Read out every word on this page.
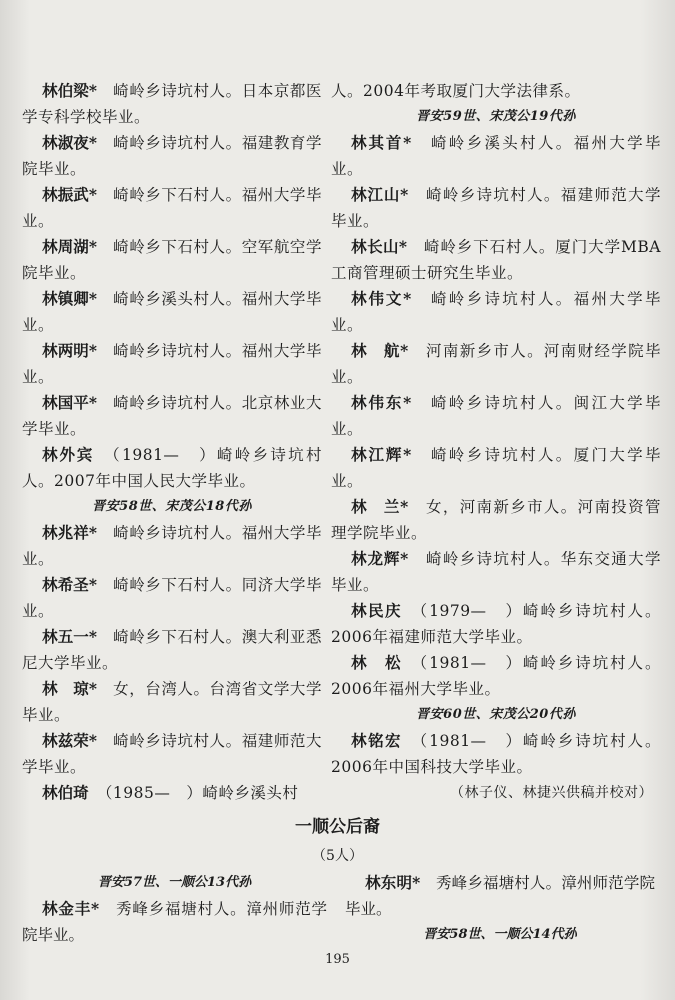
林伯梁*　 崎岭乡诗坑村人。日本京都医学专科学校毕业。
林淑夜*　 崎岭乡诗坑村人。福建教育学院毕业。
林振武*　 崎岭乡下石村人。福州大学毕业。
林周湖*　 崎岭乡下石村人。空军航空学院毕业。
林镇卿*　 崎岭乡溪头村人。福州大学毕业。
林两明*　 崎岭乡诗坑村人。福州大学毕业。
林国平*　 崎岭乡诗坑村人。北京林业大学毕业。
林外宾　 （1981—　）崎岭乡诗坑村人。2007年中国人民大学毕业。
晋安58世、宋茂公18代孙
林兆祥*　 崎岭乡诗坑村人。福州大学毕业。
林希圣*　 崎岭乡下石村人。同济大学毕业。
林五一*　 崎岭乡下石村人。澳大利亚悉尼大学毕业。
林　琼*　 女，台湾人。台湾省文学大学毕业。
林兹荣*　 崎岭乡诗坑村人。福建师范大学毕业。
林伯琦　 （1985—　）崎岭乡溪头村
人。2004年考取厦门大学法律系。
晋安59世、宋茂公19代孙
林其首*　 崎岭乡溪头村人。福州大学毕业。
林江山*　 崎岭乡诗坑村人。福建师范大学毕业。
林长山*　 崎岭乡下石村人。厦门大学MBA工商管理硕士研究生毕业。
林伟文*　 崎岭乡诗坑村人。福州大学毕业。
林　航*　 河南新乡市人。河南财经学院毕业。
林伟东*　 崎岭乡诗坑村人。闽江大学毕业。
林江辉*　 崎岭乡诗坑村人。厦门大学毕业。
林　兰*　 女，河南新乡市人。河南投资管理学院毕业。
林龙辉*　 崎岭乡诗坑村人。华东交通大学毕业。
林民庆　 （1979—　）崎岭乡诗坑村人。2006年福建师范大学毕业。
林　松　 （1981—　）崎岭乡诗坑村人。2006年福州大学毕业。
晋安60世、宋茂公20代孙
林铭宏　 （1981—　）崎岭乡诗坑村人。2006年中国科技大学毕业。
（林子仪、林捷兴供稿并校对）
一顺公后裔
（5人）
晋安57世、一顺公13代孙
林金丰*　 秀峰乡福塘村人。漳州师范学院毕业。
林东明*　 秀峰乡福塘村人。漳州师范学院毕业。
晋安58世、一顺公14代孙
195
